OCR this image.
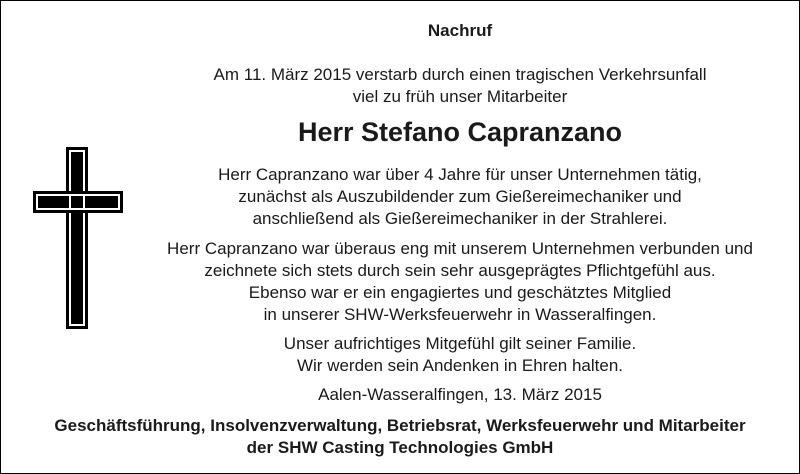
Nachruf
Am 11. März 2015 verstarb durch einen tragischen Verkehrsunfall
viel zu früh unser Mitarbeiter
Herr Stefano Capranzano
Herr Capranzano war über 4 Jahre für unser Unternehmen tätig,
zunächst als Auszubildender zum Gießereimechaniker und
anschließend als Gießereimechaniker in der Strahlerei.
Herr Capranzano war überaus eng mit unserem Unternehmen verbunden und
zeichnete sich stets durch sein sehr ausgeprägtes Pflichtgefühl aus.
Ebenso war er ein engagiertes und geschätztes Mitglied
in unserer SHW-Werksfeuerwehr in Wasseralfingen.
Unser aufrichtiges Mitgefühl gilt seiner Familie.
Wir werden sein Andenken in Ehren halten.
Aalen-Wasseralfingen, 13. März 2015
Geschäftsführung, Insolvenzverwaltung, Betriebsrat, Werksfeuerwehr und Mitarbeiter
der SHW Casting Technologies GmbH
